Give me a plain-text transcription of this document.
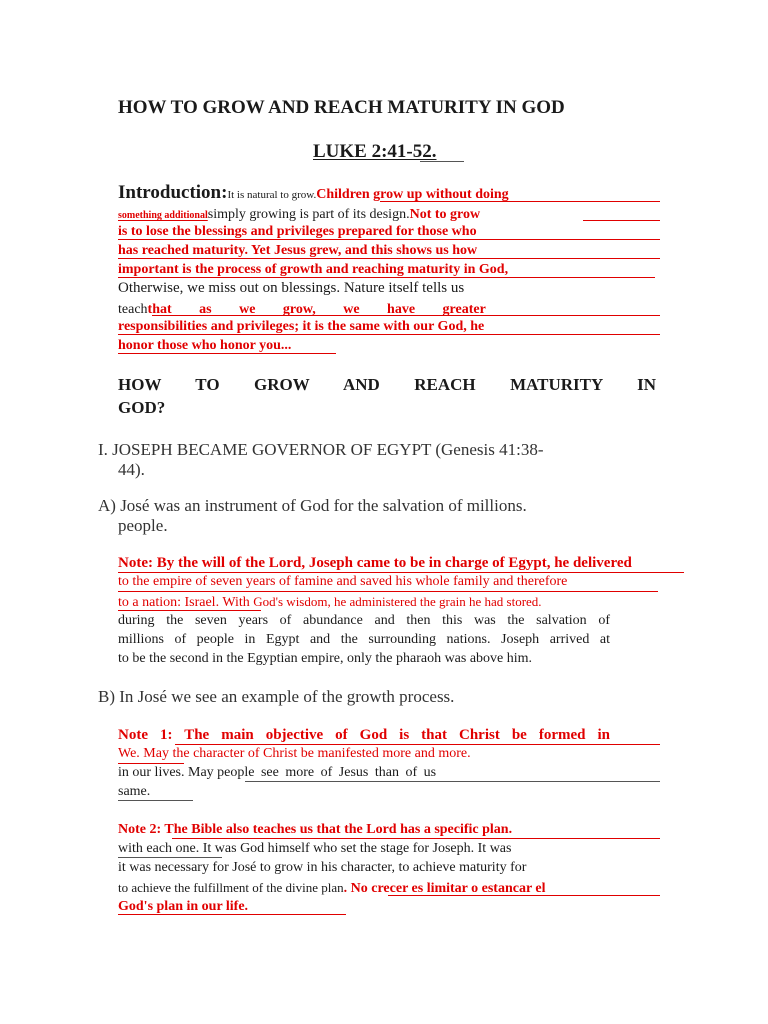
HOW TO GROW AND REACH MATURITY IN GOD
LUKE 2:41-52.
Introduction:It is natural to grow.Children grow up without doing
something additionalsimply growing is part of its design.Not to grow
is to lose the blessings and privileges prepared for those who
has reached maturity. Yet Jesus grew, and this shows us how
important is the process of growth and reaching maturity in God,
Otherwise, we miss out on blessings. Nature itself tells us
teachthat as we grow, we have greater
responsibilities and privileges; it is the same with our God, he
honor those who honor you...
HOW TO GROW AND REACH MATURITY IN
GOD?
I. JOSEPH BECAME GOVERNOR OF EGYPT (Genesis 41:38-
44).
A) José was an instrument of God for the salvation of millions.
people.
Note: By the will of the Lord, Joseph came to be in charge of Egypt, he delivered
to the empire of seven years of famine and saved his whole family and therefore
to a nation: Israel. With God's wisdom, he administered the grain he had stored.
during the seven years of abundance and then this was the salvation of
millions of people in Egypt and the surrounding nations. Joseph arrived at
to be the second in the Egyptian empire, only the pharaoh was above him.
B) In José we see an example of the growth process.
Note 1: The main objective of God is that Christ be formed in
We. May the character of Christ be manifested more and more.
in our lives. May people see more of Jesus than of us
same.
Note 2: The Bible also teaches us that the Lord has a specific plan.
with each one. It was God himself who set the stage for Joseph. It was
it was necessary for José to grow in his character, to achieve maturity for
to achieve the fulfillment of the divine plan. No crecer es limitar o estancar el
God's plan in our life.
